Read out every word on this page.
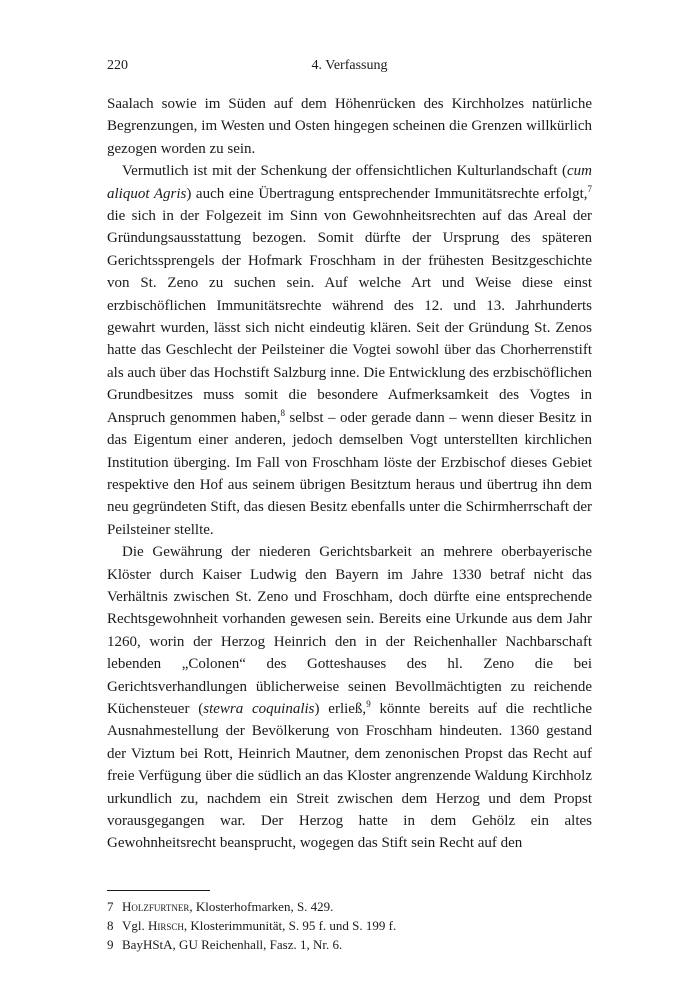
220	4. Verfassung

Saalach sowie im Süden auf dem Höhenrücken des Kirchholzes natürliche Begrenzungen, im Westen und Osten hingegen scheinen die Grenzen willkürlich gezogen worden zu sein.

Vermutlich ist mit der Schenkung der offensichtlichen Kulturlandschaft (cum aliquot Agris) auch eine Übertragung entsprechender Immunitätsrechte erfolgt,$^7$ die sich in der Folgezeit im Sinn von Gewohnheitsrechten auf das Areal der Gründungsausstattung bezogen. Somit dürfte der Ursprung des späteren Gerichtssprengels der Hofmark Froschham in der frühesten Besitzgeschichte von St. Zeno zu suchen sein. Auf welche Art und Weise diese einst erzbischöflichen Immunitätsrechte während des 12. und 13. Jahrhunderts gewahrt wurden, lässt sich nicht eindeutig klären. Seit der Gründung St. Zenos hatte das Geschlecht der Peilsteiner die Vogtei sowohl über das Chorherrenstift als auch über das Hochstift Salzburg inne. Die Entwicklung des erzbischöflichen Grundbesitzes muss somit die besondere Aufmerksamkeit des Vogtes in Anspruch genommen haben,$^8$ selbst – oder gerade dann – wenn dieser Besitz in das Eigentum einer anderen, jedoch demselben Vogt unterstellten kirchlichen Institution überging. Im Fall von Froschham löste der Erzbischof dieses Gebiet respektive den Hof aus seinem übrigen Besitztum heraus und übertrug ihn dem neu gegründeten Stift, das diesen Besitz ebenfalls unter die Schirmherrschaft der Peilsteiner stellte.

Die Gewährung der niederen Gerichtsbarkeit an mehrere oberbayerische Klöster durch Kaiser Ludwig den Bayern im Jahre 1330 betraf nicht das Verhältnis zwischen St. Zeno und Froschham, doch dürfte eine entsprechende Rechtsgewohnheit vorhanden gewesen sein. Bereits eine Urkunde aus dem Jahr 1260, worin der Herzog Heinrich den in der Reichenhaller Nachbarschaft lebenden „Colonen“ des Gotteshauses des hl. Zeno die bei Gerichtsverhandlungen üblicherweise seinen Bevollmächtigten zu reichende Küchensteuer (stewra coquinalis) erließ,$^9$ könnte bereits auf die rechtliche Ausnahmestellung der Bevölkerung von Froschham hindeuten. 1360 gestand der Viztum bei Rott, Heinrich Mautner, dem zenonischen Propst das Recht auf freie Verfügung über die südlich an das Kloster angrenzende Waldung Kirchholz urkundlich zu, nachdem ein Streit zwischen dem Herzog und dem Propst vorausgegangen war. Der Herzog hatte in dem Gehölz ein altes Gewohnheitsrecht beansprucht, wogegen das Stift sein Recht auf den

7 Holzfurtner, Klosterhofmarken, S. 429.
8 Vgl. Hirsch, Klosterimmunität, S. 95 f. und S. 199 f.
9 BayHStA, GU Reichenhall, Fasz. 1, Nr. 6.
